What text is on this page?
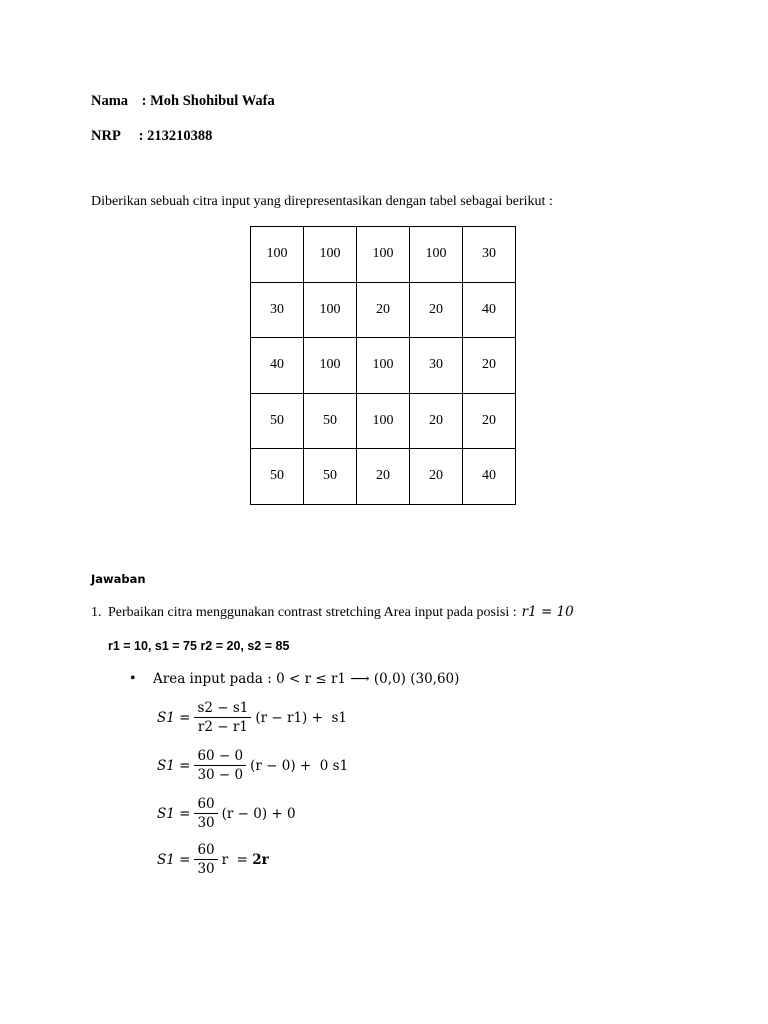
Nama : Moh Shohibul Wafa
NRP : 213210388
Diberikan sebuah citra input yang direpresentasikan dengan tabel sebagai berikut :
100	100	100	100	30
30	100	20	20	40
40	100	100	30	20
50	50	100	20	20
50	50	20	20	40
Jawaban
1. Perbaikan citra menggunakan contrast stretching Area input pada posisi : r1 = 10
r1 = 10, s1 = 75 r2 = 20, s2 = 85
•	Area input pada : 0 < r ≤ r1 ⟶ (0,0) (30,60)
$S1 = \frac{s2 - s1}{r2 - r1} (r - r1) + s1$
$S1 = \frac{60 - 0}{30 - 0} (r - 0) + 0$ s1
$S1 = \frac{60}{30} (r - 0) + 0$
$S1 = \frac{60}{30}$ r  = 2r
